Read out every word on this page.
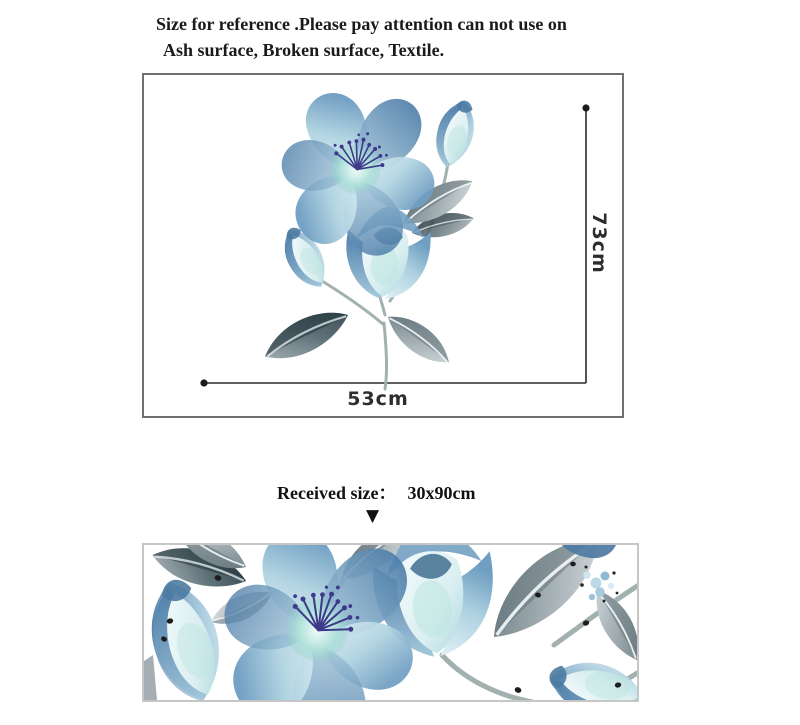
Size for reference .Please pay attention can not use on
Ash surface, Broken surface, Textile.
73cm
53cm
Received size： 30x90cm
▼
